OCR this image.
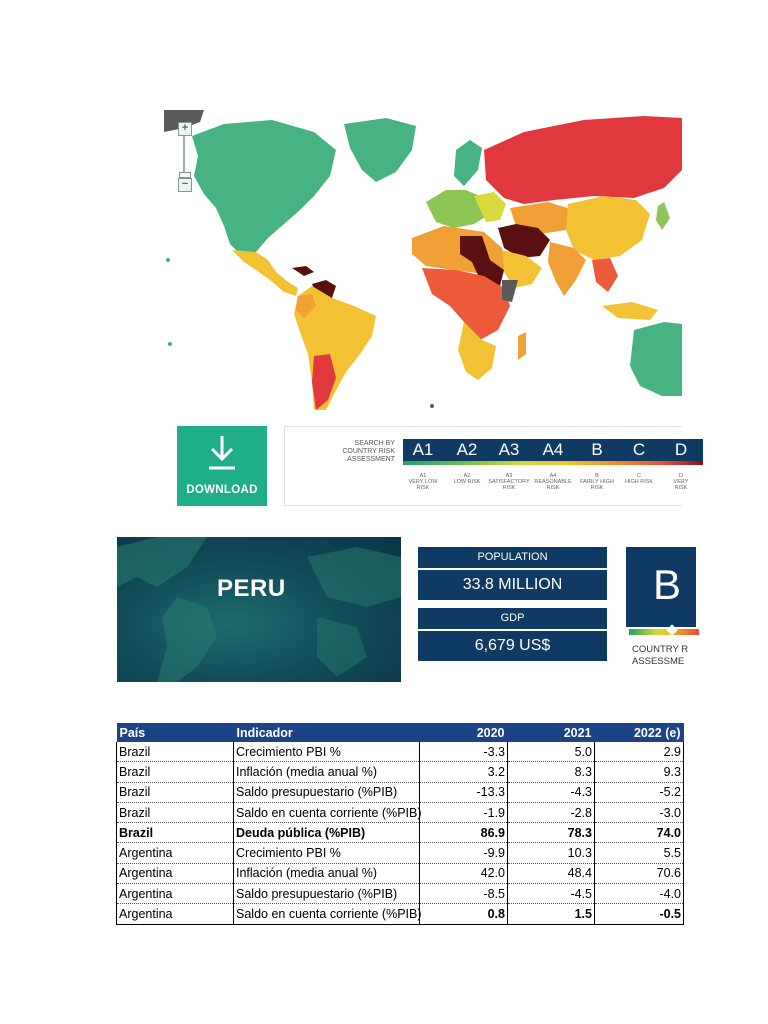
+
−
DOWNLOAD
SEARCH BY
COUNTRY RISK
ASSESSMENT
A1	A2	A3	A4	B	C	D
A1
VERY LOW
RISK
A2
LOW RISK
A3
SATISFACTORY
RISK
A4
REASONABLE
RISK
B
FAIRLY HIGH
RISK
C
HIGH RISK
D
VERY
RISK
PERU
POPULATION
33.8 MILLION
GDP
6,679 US$
B
COUNTRY R
ASSESSME
País	Indicador	2020	2021	2022 (e)
Brazil	Crecimiento PBI %	-3.3	5.0	2.9
Brazil	Inflación (media anual %)	3.2	8.3	9.3
Brazil	Saldo presupuestario (%PIB)	-13.3	-4.3	-5.2
Brazil	Saldo en cuenta corriente (%PIB)	-1.9	-2.8	-3.0
Brazil	Deuda pública (%PIB)	86.9	78.3	74.0
Argentina	Crecimiento PBI %	-9.9	10.3	5.5
Argentina	Inflación (media anual %)	42.0	48.4	70.6
Argentina	Saldo presupuestario (%PIB)	-8.5	-4.5	-4.0
Argentina	Saldo en cuenta corriente (%PIB)	0.8	1.5	-0.5
